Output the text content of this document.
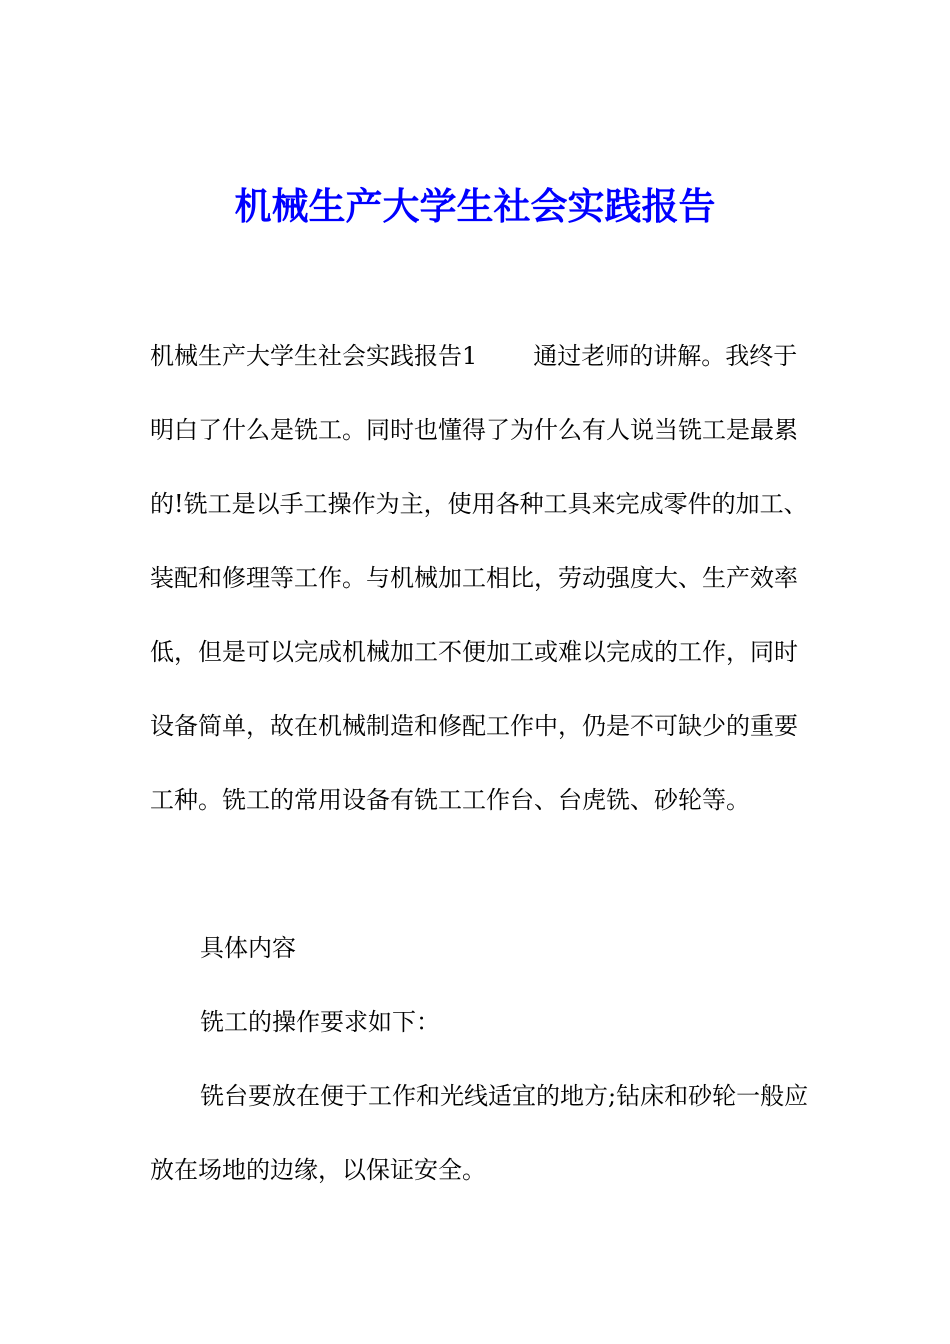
机械生产大学生社会实践报告

机械生产大学生社会实践报告1 通过老师的讲解。我终于明白了什么是铣工。同时也懂得了为什么有人说当铣工是最累的!铣工是以手工操作为主，使用各种工具来完成零件的加工、装配和修理等工作。与机械加工相比，劳动强度大、生产效率低，但是可以完成机械加工不便加工或难以完成的工作，同时设备简单，故在机械制造和修配工作中，仍是不可缺少的重要工种。铣工的常用设备有铣工工作台、台虎铣、砂轮等。

具体内容

铣工的操作要求如下：

铣台要放在便于工作和光线适宜的地方;钻床和砂轮一般应放在场地的边缘，以保证安全。
